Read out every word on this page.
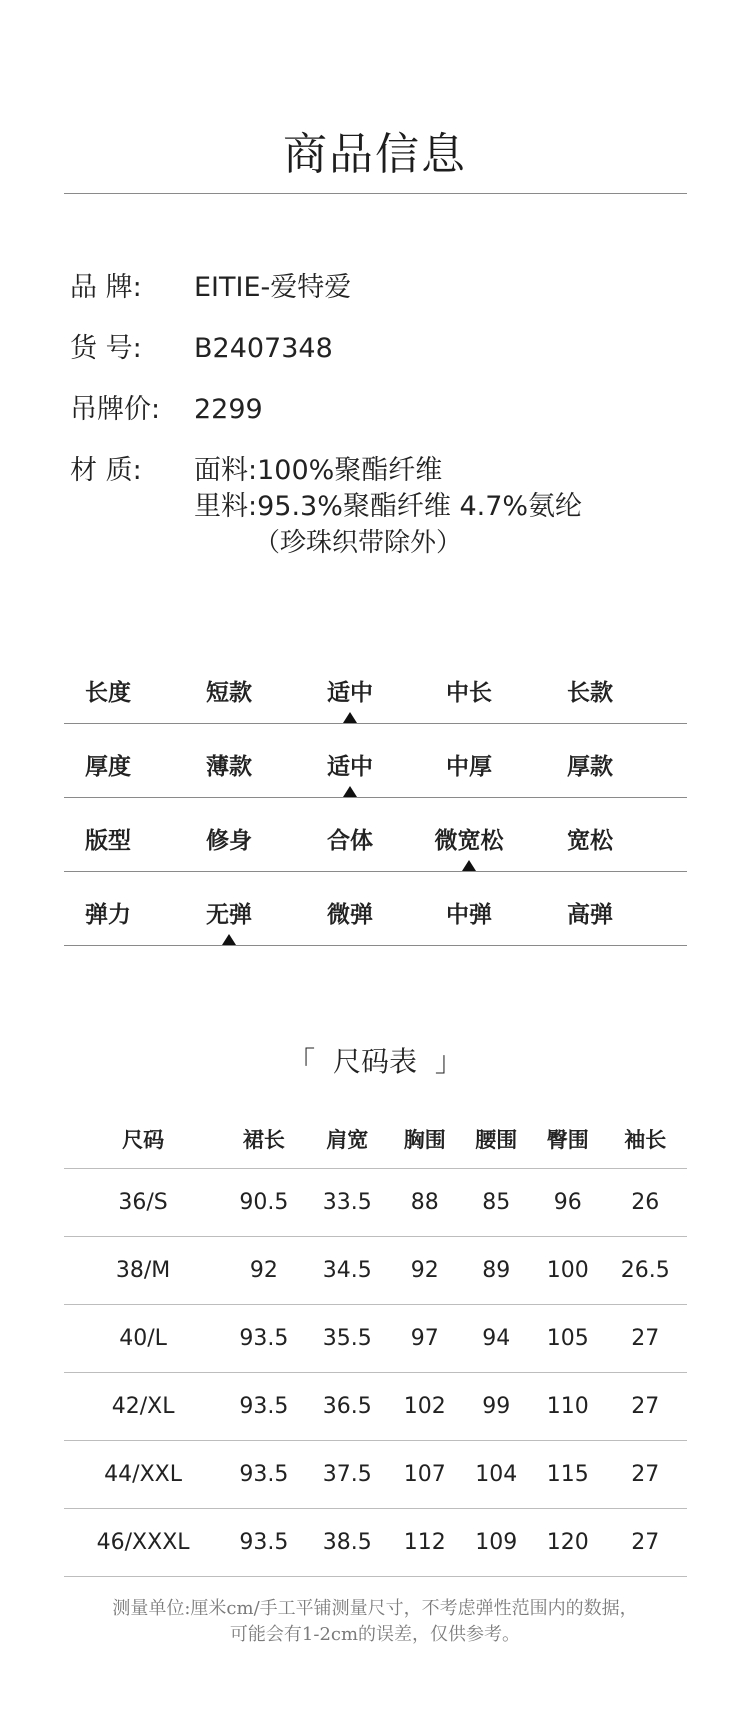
商品信息
品 牌:	EITIE-爱特爱
货 号:	B2407348
吊牌价:	2299
材 质:	面料:100%聚酯纤维
里料:95.3%聚酯纤维 4.7%氨纶
（珍珠织带除外）
长度	短款	适中	中长	长款
厚度	薄款	适中	中厚	厚款
版型	修身	合体	微宽松	宽松
弹力	无弹	微弹	中弹	高弹
「 尺码表 」
尺码	裙长	肩宽	胸围	腰围	臀围	袖长
36/S	90.5	33.5	88	85	96	26
38/M	92	34.5	92	89	100	26.5
40/L	93.5	35.5	97	94	105	27
42/XL	93.5	36.5	102	99	110	27
44/XXL	93.5	37.5	107	104	115	27
46/XXXL	93.5	38.5	112	109	120	27
测量单位:厘米cm/手工平铺测量尺寸，不考虑弹性范围内的数据，
可能会有1-2cm的误差，仅供参考。
